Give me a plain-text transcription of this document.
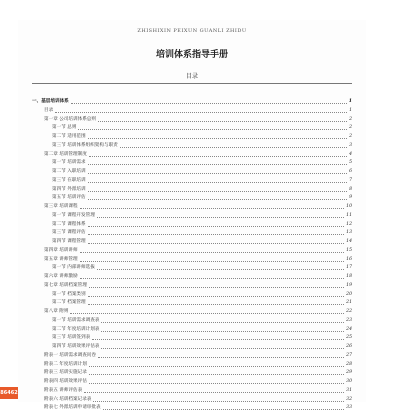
ZHISHIXIN PEIXUN GUANLI ZHIDU
培训体系指导手册
目录
一、基层培训体系	1
目录	1
第一章 公司培训体系总则	2
第一节 总则	2
第二节 适用范围	2
第三节 培训体系组织架构与职责	3
第二章 培训管理制度	4
第一节 培训需求	5
第二节 入职培训	6
第三节 在职培训	7
第四节 外派培训	8
第五节 培训评估	9
第三章 培训课程	10
第一节 课程开发管理	11
第二节 课程体系	12
第三节 课程评估	13
第四节 课程管理	14
第四章 培训讲师	15
第五章 讲师管理	16
第一节 内部讲师选拔	17
第六章 讲师激励	18
第七章 培训档案管理	19
第一节 档案类别	20
第二节 档案管理	21
第八章 附则	22
第一节 培训需求调查表	23
第二节 年度培训计划表	24
第三节 培训签到表	25
第四节 培训效果评估表	26
附表一 培训需求调查问卷	27
附表二 年度培训计划	28
附表三 培训实施记录	29
附表四 培训效果评估	30
附表五 讲师评估表	31
附表六 培训档案记录表	32
附表七 外派培训申请审批表	33
86462
